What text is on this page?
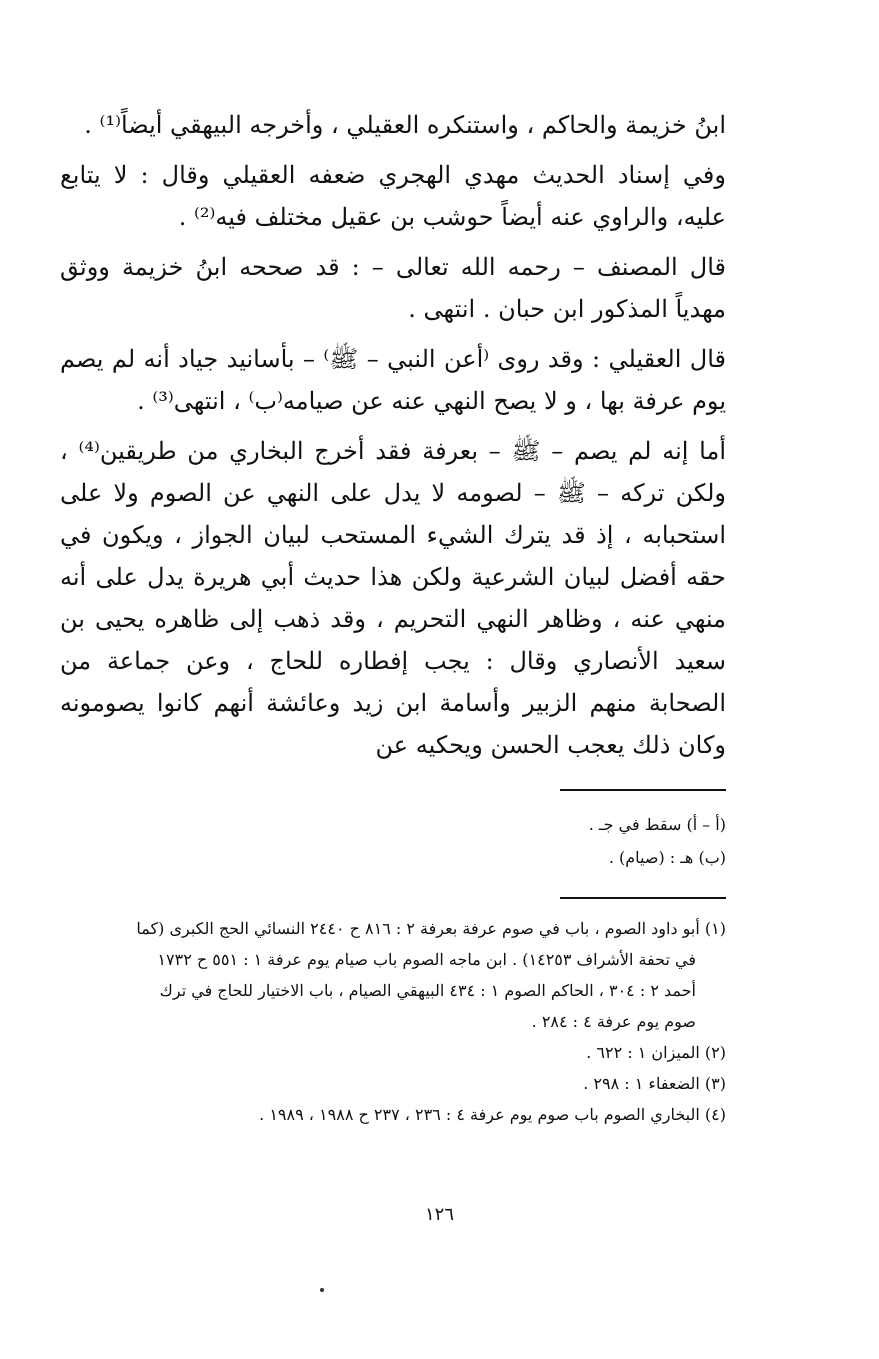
ابنُ خزيمة والحاكم ، واستنكره العقيلي ، وأخرجه البيهقي أيضاً⁽¹⁾ .

وفي إسناد الحديث مهدي الهجري ضعفه العقيلي وقال : لا يتابع عليه، والراوي عنه أيضاً حوشب بن عقيل مختلف فيه⁽²⁾ .

قال المصنف – رحمه الله تعالى – : قد صححه ابنُ خزيمة ووثق مهدياً المذكور ابن حبان . انتهى .

قال العقيلي : وقد روى ⁽أعن النبي – ﷺ⁾ – بأسانيد جياد أنه لم يصم يوم عرفة بها ، و لا يصح النهي عنه عن صيامه⁽ب⁾ ، انتهى⁽³⁾ .

أما إنه لم يصم – ﷺ – بعرفة فقد أخرج البخاري من طريقين⁽⁴⁾ ، ولكن تركه – ﷺ – لصومه لا يدل على النهي عن الصوم ولا على استحبابه ، إذ قد يترك الشيء المستحب لبيان الجواز ، ويكون في حقه أفضل لبيان الشرعية ولكن هذا حديث أبي هريرة يدل على أنه منهي عنه ، وظاهر النهي التحريم ، وقد ذهب إلى ظاهره يحيى بن سعيد الأنصاري وقال : يجب إفطاره للحاج ، وعن جماعة من الصحابة منهم الزبير وأسامة ابن زيد وعائشة أنهم كانوا يصومونه وكان ذلك يعجب الحسن ويحكيه عن

(أ – أ) سقط في جـ .

(ب) هـ : (صيام) .

(١) أبو داود الصوم ، باب في صوم عرفة بعرفة ٢ : ٨١٦ ح ٢٤٤٠ النسائي الحج الكبرى (كما

في تحفة الأشراف ١٤٢٥٣) . ابن ماجه الصوم باب صيام يوم عرفة ١ : ٥٥١ ح ١٧٣٢

أحمد ٢ : ٣٠٤ ، الحاكم الصوم ١ : ٤٣٤ البيهقي الصيام ، باب الاختيار للحاج في ترك

صوم يوم عرفة ٤ : ٢٨٤ .

(٢) الميزان ١ : ٦٢٢ .

(٣) الضعفاء ١ : ٢٩٨ .

(٤) البخاري الصوم باب صوم يوم عرفة ٤ : ٢٣٦ ، ٢٣٧ ح ١٩٨٨ ، ١٩٨٩ .

١٢٦
